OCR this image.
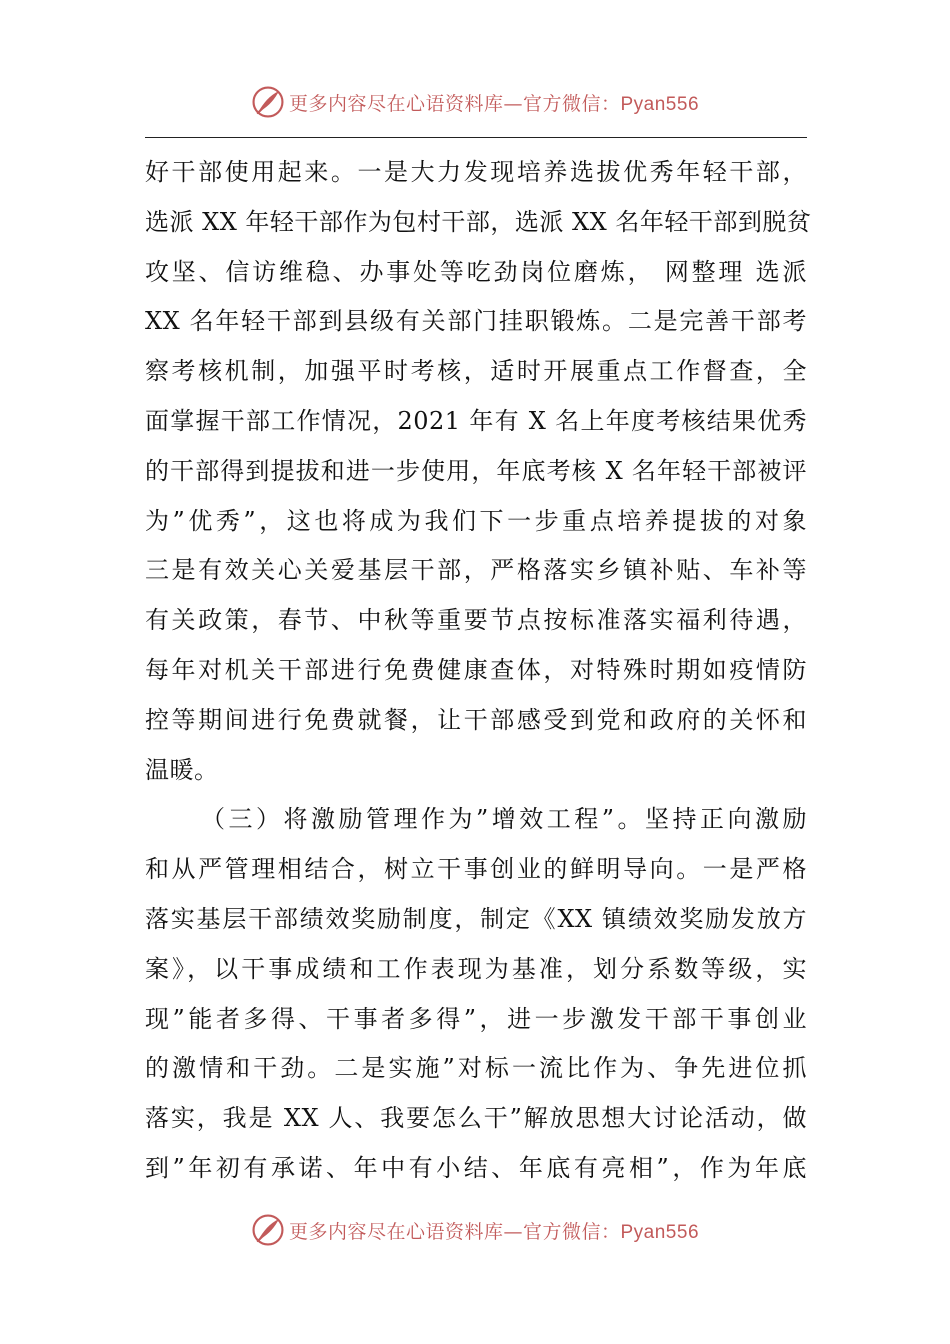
更多内容尽在心语资料库—官方微信：Pyan556
好干部使用起来。一是大力发现培养选拔优秀年轻干部，
选派 XX 年轻干部作为包村干部，选派 XX 名年轻干部到脱贫
攻坚、信访维稳、办事处等吃劲岗位磨炼， 网整理 选派
XX 名年轻干部到县级有关部门挂职锻炼。二是完善干部考
察考核机制，加强平时考核，适时开展重点工作督查，全
面掌握干部工作情况，2021 年有 X 名上年度考核结果优秀
的干部得到提拔和进一步使用，年底考核 X 名年轻干部被评
为”优秀”，这也将成为我们下一步重点培养提拔的对象
三是有效关心关爱基层干部，严格落实乡镇补贴、车补等
有关政策，春节、中秋等重要节点按标准落实福利待遇，
每年对机关干部进行免费健康查体，对特殊时期如疫情防
控等期间进行免费就餐，让干部感受到党和政府的关怀和
温暖。
（三）将激励管理作为”增效工程”。坚持正向激励
和从严管理相结合，树立干事创业的鲜明导向。一是严格
落实基层干部绩效奖励制度，制定《XX 镇绩效奖励发放方
案》，以干事成绩和工作表现为基准，划分系数等级，实
现”能者多得、干事者多得”，进一步激发干部干事创业
的激情和干劲。二是实施”对标一流比作为、争先进位抓
落实，我是 XX 人、我要怎么干”解放思想大讨论活动，做
到”年初有承诺、年中有小结、年底有亮相”，作为年底
更多内容尽在心语资料库—官方微信：Pyan556
